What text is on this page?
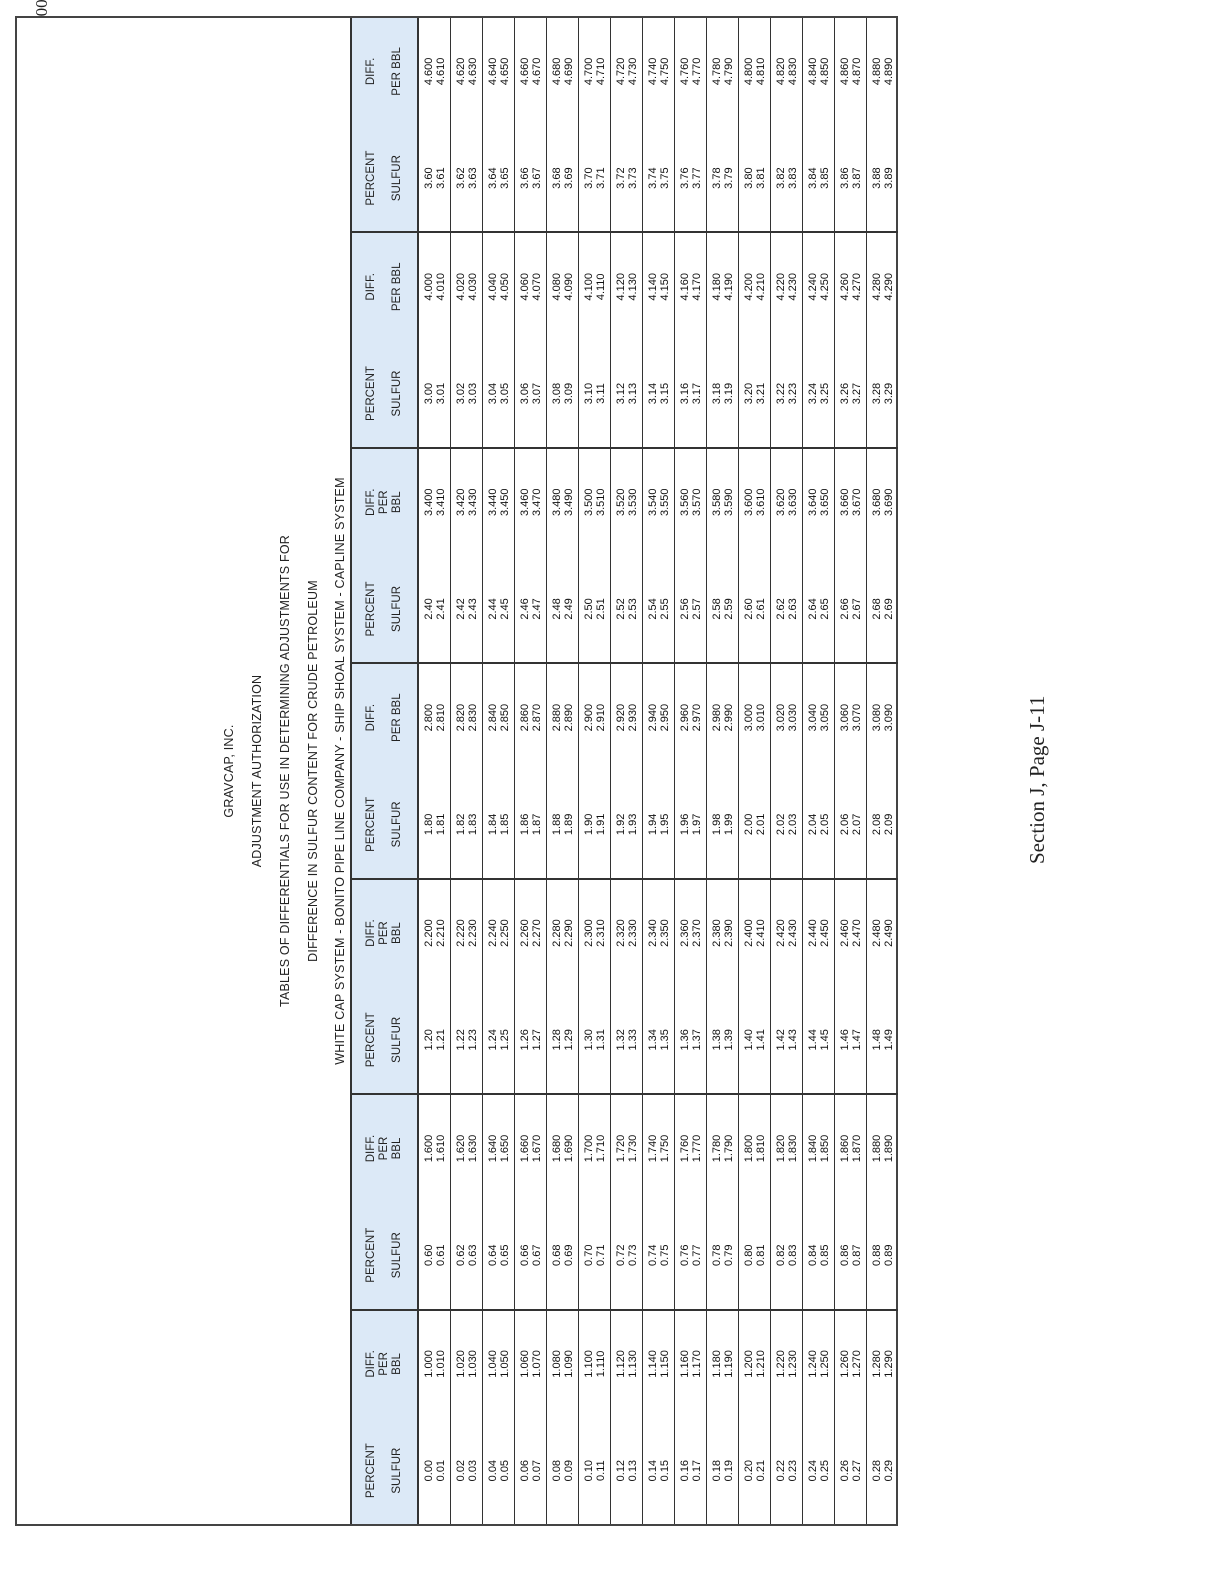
GRAVCAP, INC. ADJUSTMENT AUTHORIZATION TABLES OF DIFFERENTIALS FOR USE IN DETERMINING ADJUSTMENTS FOR DIFFERENCE IN SULFUR CONTENT FOR CRUDE PETROLEUM WHITE CAP SYSTEM - BONITO PIPE LINE COMPANY - SHIP SHOAL SYSTEM - CAPLINE SYSTEM
PERCENT

SULFUR 0.00 0.01 0.02 0.03 0.04 0.05 0.06 0.07 0.08 0.09 0.10 0.11 0.12 0.13 0.14 0.15 0.16 0.17 0.18 0.19 0.20 0.21 0.22 0.23 0.24 0.25 0.26 0.27 0.28 0.29
DIFF.
PER
BBL 1.000 1.010 1.020 1.030 1.040 1.050 1.060 1.070 1.080 1.090 1.100 1.110 1.120 1.130 1.140 1.150 1.160 1.170 1.180 1.190 1.200 1.210 1.220 1.230 1.240 1.250 1.260 1.270 1.280 1.290
PERCENT

SULFUR 0.60 0.61 0.62 0.63 0.64 0.65 0.66 0.67 0.68 0.69 0.70 0.71 0.72 0.73 0.74 0.75 0.76 0.77 0.78 0.79 0.80 0.81 0.82 0.83 0.84 0.85 0.86 0.87 0.88 0.89
DIFF.
PER
BBL 1.600 1.610 1.620 1.630 1.640 1.650 1.660 1.670 1.680 1.690 1.700 1.710 1.720 1.730 1.740 1.750 1.760 1.770 1.780 1.790 1.800 1.810 1.820 1.830 1.840 1.850 1.860 1.870 1.880 1.890
PERCENT

SULFUR 1.20 1.21 1.22 1.23 1.24 1.25 1.26 1.27 1.28 1.29 1.30 1.31 1.32 1.33 1.34 1.35 1.36 1.37 1.38 1.39 1.40 1.41 1.42 1.43 1.44 1.45 1.46 1.47 1.48 1.49
DIFF.
PER
BBL 2.200 2.210 2.220 2.230 2.240 2.250 2.260 2.270 2.280 2.290 2.300 2.310 2.320 2.330 2.340 2.350 2.360 2.370 2.380 2.390 2.400 2.410 2.420 2.430 2.440 2.450 2.460 2.470 2.480 2.490
PERCENT

SULFUR 1.80 1.81 1.82 1.83 1.84 1.85 1.86 1.87 1.88 1.89 1.90 1.91 1.92 1.93 1.94 1.95 1.96 1.97 1.98 1.99 2.00 2.01 2.02 2.03 2.04 2.05 2.06 2.07 2.08 2.09
DIFF.

PER BBL 2.800 2.810 2.820 2.830 2.840 2.850 2.860 2.870 2.880 2.890 2.900 2.910 2.920 2.930 2.940 2.950 2.960 2.970 2.980 2.990 3.000 3.010 3.020 3.030 3.040 3.050 3.060 3.070 3.080 3.090
PERCENT

SULFUR 2.40 2.41 2.42 2.43 2.44 2.45 2.46 2.47 2.48 2.49 2.50 2.51 2.52 2.53 2.54 2.55 2.56 2.57 2.58 2.59 2.60 2.61 2.62 2.63 2.64 2.65 2.66 2.67 2.68 2.69
DIFF.
PER
BBL 3.400 3.410 3.420 3.430 3.440 3.450 3.460 3.470 3.480 3.490 3.500 3.510 3.520 3.530 3.540 3.550 3.560 3.570 3.580 3.590 3.600 3.610 3.620 3.630 3.640 3.650 3.660 3.670 3.680 3.690
PERCENT

SULFUR 3.00 3.01 3.02 3.03 3.04 3.05 3.06 3.07 3.08 3.09 3.10 3.11 3.12 3.13 3.14 3.15 3.16 3.17 3.18 3.19 3.20 3.21 3.22 3.23 3.24 3.25 3.26 3.27 3.28 3.29
DIFF.

PER BBL 4.000 4.010 4.020 4.030 4.040 4.050 4.060 4.070 4.080 4.090 4.100 4.110 4.120 4.130 4.140 4.150 4.160 4.170 4.180 4.190 4.200 4.210 4.220 4.230 4.240 4.250 4.260 4.270 4.280 4.290
PERCENT

SULFUR 3.60 3.61 3.62 3.63 3.64 3.65 3.66 3.67 3.68 3.69 3.70 3.71 3.72 3.73 3.74 3.75 3.76 3.77 3.78 3.79 3.80 3.81 3.82 3.83 3.84 3.85 3.86 3.87 3.88 3.89
DIFF.

PER BBL 4.600 4.610 4.620 4.630 4.640 4.650 4.660 4.670 4.680 4.690 4.700 4.710 4.720 4.730 4.740 4.750 4.760 4.770 4.780 4.790 4.800 4.810 4.820 4.830 4.840 4.850 4.860 4.870 4.880 4.890
Section J, Page J-11
